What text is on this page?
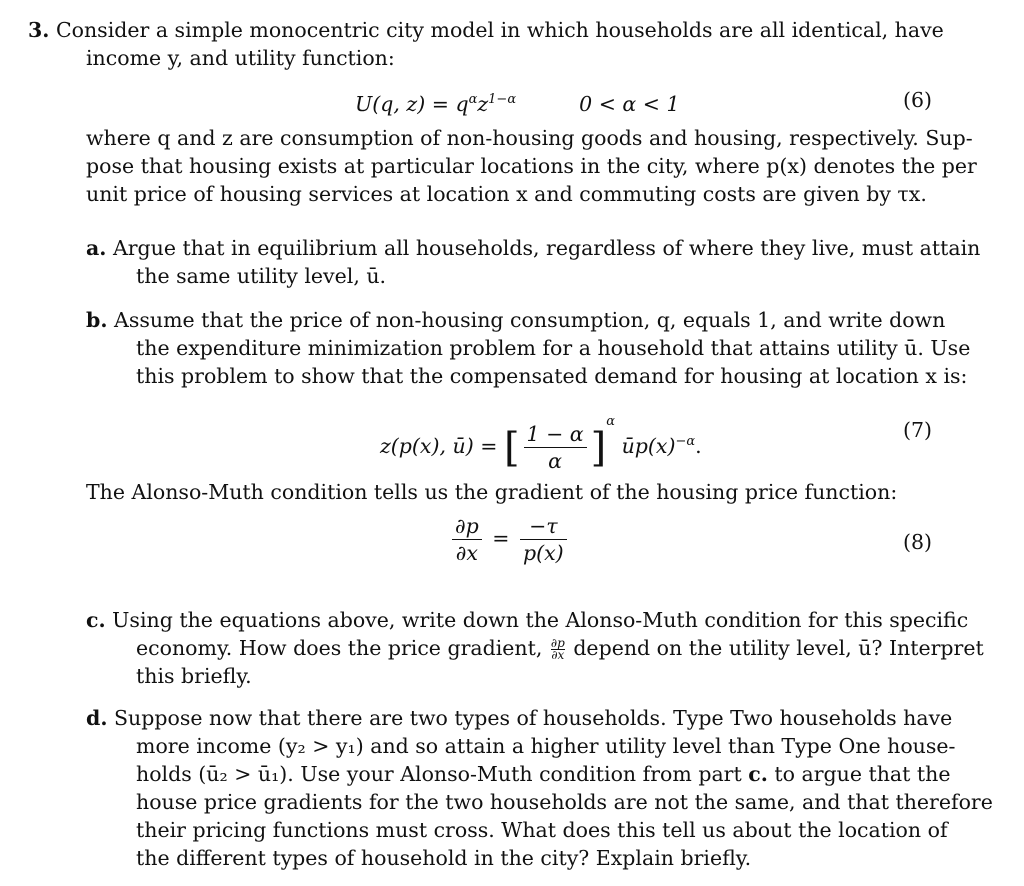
3. Consider a simple monocentric city model in which households are all identical, have
income y, and utility function:
U(q, $z) = q^\alpha z^{1-\alpha}$	0 < α < 1	(6)
where q and z are consumption of non-housing goods and housing, respectively. Sup-
pose that housing exists at particular locations in the city, where p(x) denotes the per
unit price of housing services at location x and commuting costs are given by τx.
a. Argue that in equilibrium all households, regardless of where they live, must attain
the same utility level, ū.
b. Assume that the price of non-housing consumption, q, equals 1, and write down
the expenditure minimization problem for a household that attains utility ū. Use
this problem to show that the compensated demand for housing at location x is:
z(p(x), ū) = [ $\frac{1 - \alpha}{\alpha} ]^\alpha$ $ūp(x)^{-\alpha}$.
(7)
The Alonso-Muth condition tells us the gradient of the housing price function:
$\frac{\partial p}{\partial x} = \frac{-\tau}{p(x)}$	(8)
c. Using the equations above, write down the Alonso-Muth condition for this specific
economy. How does the price gradient, $\frac{\partial p}{\partial x}$ depend on the utility level, ū? Interpret
this briefly.
d. Suppose now that there are two types of households. Type Two households have
more income (y₂ > y₁) and so attain a higher utility level than Type One house-
holds (ū₂ > ū₁). Use your Alonso-Muth condition from part c. to argue that the
house price gradients for the two households are not the same, and that therefore
their pricing functions must cross. What does this tell us about the location of
the different types of household in the city? Explain briefly.
